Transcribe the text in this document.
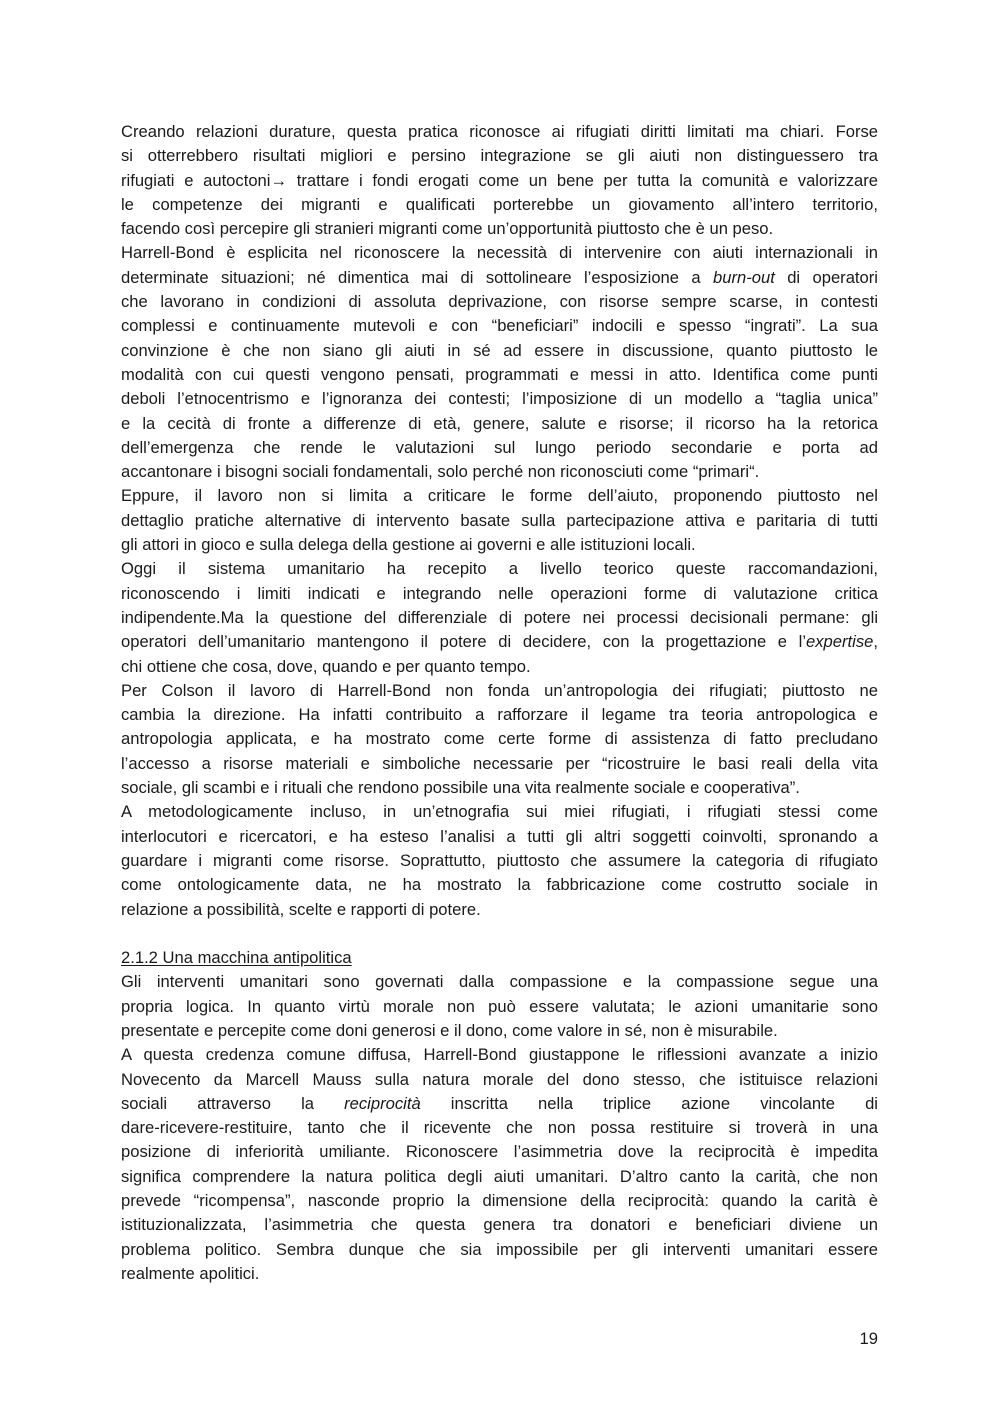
Creando relazioni durature, questa pratica riconosce ai rifugiati diritti limitati ma chiari. Forse
si otterrebbero risultati migliori e persino integrazione se gli aiuti non distinguessero tra
rifugiati e autoctoni→ trattare i fondi erogati come un bene per tutta la comunità e valorizzare
le competenze dei migranti e qualificati porterebbe un giovamento all’intero territorio,
facendo così percepire gli stranieri migranti come un’opportunità piuttosto che è un peso.
Harrell-Bond è esplicita nel riconoscere la necessità di intervenire con aiuti internazionali in
determinate situazioni; né dimentica mai di sottolineare l’esposizione a burn-out di operatori
che lavorano in condizioni di assoluta deprivazione, con risorse sempre scarse, in contesti
complessi e continuamente mutevoli e con “beneficiari” indocili e spesso “ingrati”. La sua
convinzione è che non siano gli aiuti in sé ad essere in discussione, quanto piuttosto le
modalità con cui questi vengono pensati, programmati e messi in atto. Identifica come punti
deboli l’etnocentrismo e l’ignoranza dei contesti; l’imposizione di un modello a “taglia unica”
e la cecità di fronte a differenze di età, genere, salute e risorse; il ricorso ha la retorica
dell’emergenza che rende le valutazioni sul lungo periodo secondarie e porta ad
accantonare i bisogni sociali fondamentali, solo perché non riconosciuti come “primari“.
Eppure, il lavoro non si limita a criticare le forme dell’aiuto, proponendo piuttosto nel
dettaglio pratiche alternative di intervento basate sulla partecipazione attiva e paritaria di tutti
gli attori in gioco e sulla delega della gestione ai governi e alle istituzioni locali.
Oggi il sistema umanitario ha recepito a livello teorico queste raccomandazioni,
riconoscendo i limiti indicati e integrando nelle operazioni forme di valutazione critica
indipendente.Ma la questione del differenziale di potere nei processi decisionali permane: gli
operatori dell’umanitario mantengono il potere di decidere, con la progettazione e l’expertise,
chi ottiene che cosa, dove, quando e per quanto tempo.
Per Colson il lavoro di Harrell-Bond non fonda un’antropologia dei rifugiati; piuttosto ne
cambia la direzione. Ha infatti contribuito a rafforzare il legame tra teoria antropologica e
antropologia applicata, e ha mostrato come certe forme di assistenza di fatto precludano
l’accesso a risorse materiali e simboliche necessarie per “ricostruire le basi reali della vita
sociale, gli scambi e i rituali che rendono possibile una vita realmente sociale e cooperativa”.
A metodologicamente incluso, in un’etnografia sui miei rifugiati, i rifugiati stessi come
interlocutori e ricercatori, e ha esteso l’analisi a tutti gli altri soggetti coinvolti, spronando a
guardare i migranti come risorse. Soprattutto, piuttosto che assumere la categoria di rifugiato
come ontologicamente data, ne ha mostrato la fabbricazione come costrutto sociale in
relazione a possibilità, scelte e rapporti di potere.
2.1.2 Una macchina antipolitica
Gli interventi umanitari sono governati dalla compassione e la compassione segue una
propria logica. In quanto virtù morale non può essere valutata; le azioni umanitarie sono
presentate e percepite come doni generosi e il dono, come valore in sé, non è misurabile.
A questa credenza comune diffusa, Harrell-Bond giustappone le riflessioni avanzate a inizio
Novecento da Marcell Mauss sulla natura morale del dono stesso, che istituisce relazioni
sociali attraverso la reciprocità inscritta nella triplice azione vincolante di
dare-ricevere-restituire, tanto che il ricevente che non possa restituire si troverà in una
posizione di inferiorità umiliante. Riconoscere l’asimmetria dove la reciprocità è impedita
significa comprendere la natura politica degli aiuti umanitari. D’altro canto la carità, che non
prevede “ricompensa”, nasconde proprio la dimensione della reciprocità: quando la carità è
istituzionalizzata, l’asimmetria che questa genera tra donatori e beneficiari diviene un
problema politico. Sembra dunque che sia impossibile per gli interventi umanitari essere
realmente apolitici.
19
